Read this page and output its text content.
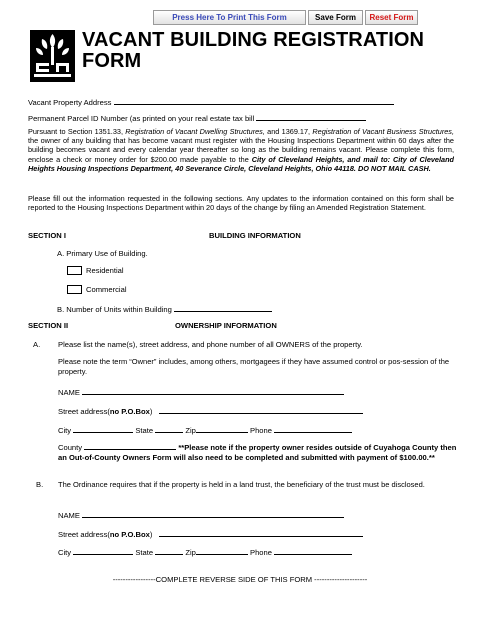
Press Here To Print This Form	Save Form	Reset Form
VACANT BUILDING REGISTRATION
FORM
Vacant Property Address
Permanent Parcel ID Number (as printed on your real estate tax bill
Pursuant to Section 1351.33, Registration of Vacant Dwelling Structures, and 1369.17, Registration of Vacant Business Structures, the owner of any building that has become vacant must register with the Housing Inspections Department within 60 days after the building becomes vacant and every calendar year thereafter so long as the building remains vacant. Please complete this form, enclose a check or money order for $200.00 made payable to the City of Cleveland Heights, and mail to: City of Cleveland Heights Housing Inspections Department, 40 Severance Circle, Cleveland Heights, Ohio 44118. DO NOT MAIL CASH.
Please fill out the information requested in the following sections. Any updates to the information contained on this form shall be reported to the Housing Inspections Department within 20 days of the change by filing an Amended Registration Statement.
SECTION I	BUILDING INFORMATION
A. Primary Use of Building.
Residential
Commercial
B. Number of Units within Building
SECTION II	OWNERSHIP INFORMATION
A. Please list the name(s), street address, and phone number of all OWNERS of the property.
Please note the term “Owner” includes, among others, mortgagees if they have assumed control or pos-session of the property.
NAME
Street address(no P.O.Box)
City	State	Zip	Phone
County	**Please note if the property owner resides outside of Cuyahoga County then an Out-of-County Owners Form will also need to be completed and submitted with payment of $100.00.**
B. The Ordinance requires that if the property is held in a land trust, the beneficiary of the trust must be disclosed.
NAME
Street address(no P.O.Box)
City	State	Zip	Phone
-----------------COMPLETE REVERSE SIDE OF THIS FORM ---------------------
